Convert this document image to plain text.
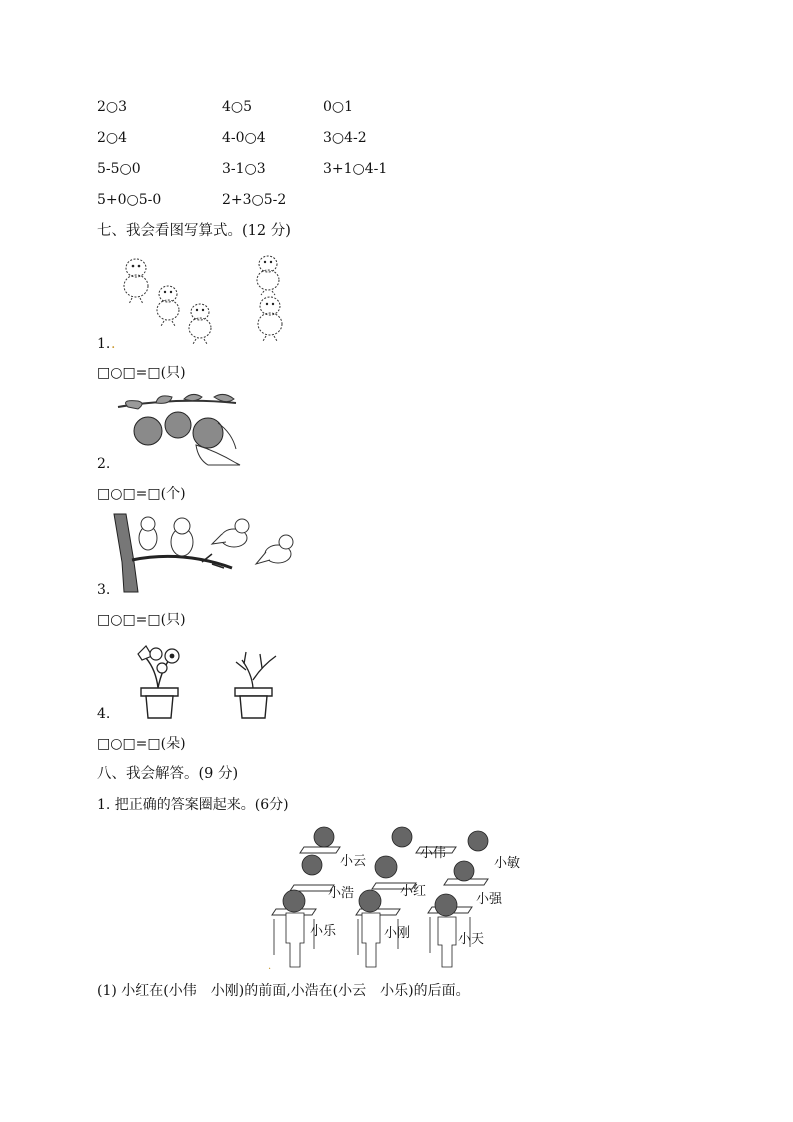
2○3	4○5	0○1
2○4	4-0○4	3○4-2
5-5○0	3-1○3	3+1○4-1
5+0○5-0	2+3○5-2
七、我会看图写算式。(12 分)
1. .
□○□=□(只)
2.
□○□=□(个)
3.
□○□=□(只)
4.
□○□=□(朵)
八、我会解答。(9 分)
1. 把正确的答案圈起来。(6分)
小云
小伟
小敏
小浩	小红
小强
小乐	小刚	小天
.
(1) 小红在(小伟　小刚)的前面,小浩在(小云　小乐)的后面。
